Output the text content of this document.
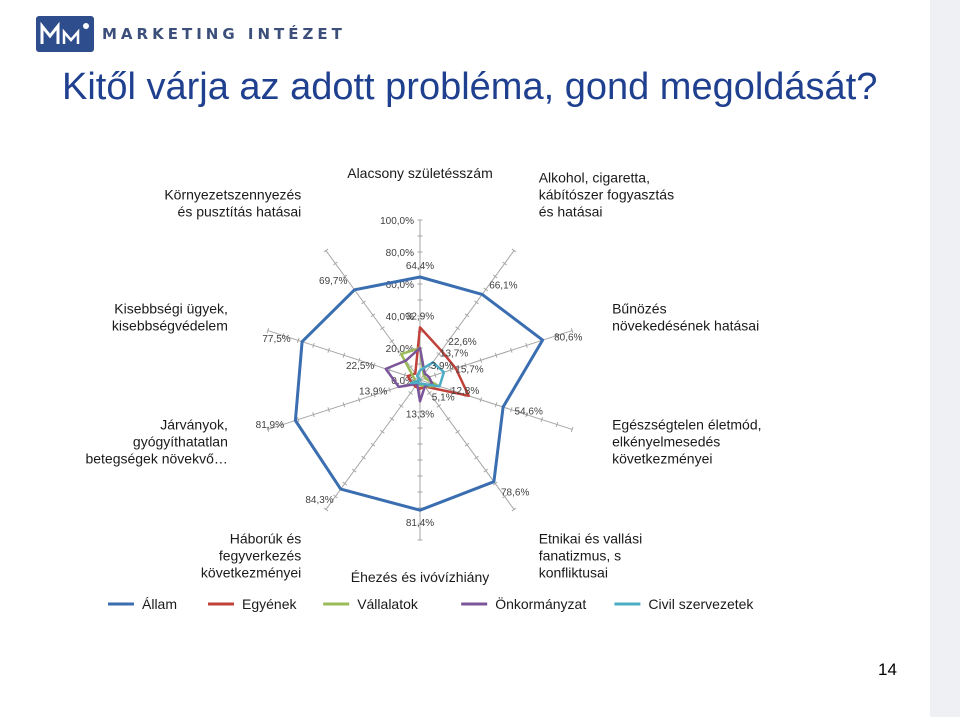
MARKETING INTÉZET
Kitől várja az adott probléma, gond megoldását?
0,0%
20,0%
40,0%
60,0%
80,0%
100,0%
64,4%
66,1%
80,6%
54,6%
78,6%
81,4%
84,3%
81,9%
77,5%
69,7%
32,9%
22,6%
3,9%
13,7%
15,7%
12,8%
13,3%
5,1%
13,9%
22,5%
Alacsony születésszám	Alkohol, cigaretta, kábítószer fogyasztás és hatásai
Bűnözés növekedésének hatásai
Egészségtelen életmód, elkényelmesedés következményei
Etnikai és vallási fanatizmus, s konfliktusai
Éhezés és ivóvízhiány
Háborúk és fegyverkezés következményei
Járványok, gyógyíthatatlan betegségek növekvő…
Kisebbségi ügyek, kisebbségvédelem
Környezetszennyezés és pusztítás hatásai
Állam	Egyének	Vállalatok	Önkormányzat	Civil szervezetek
14
